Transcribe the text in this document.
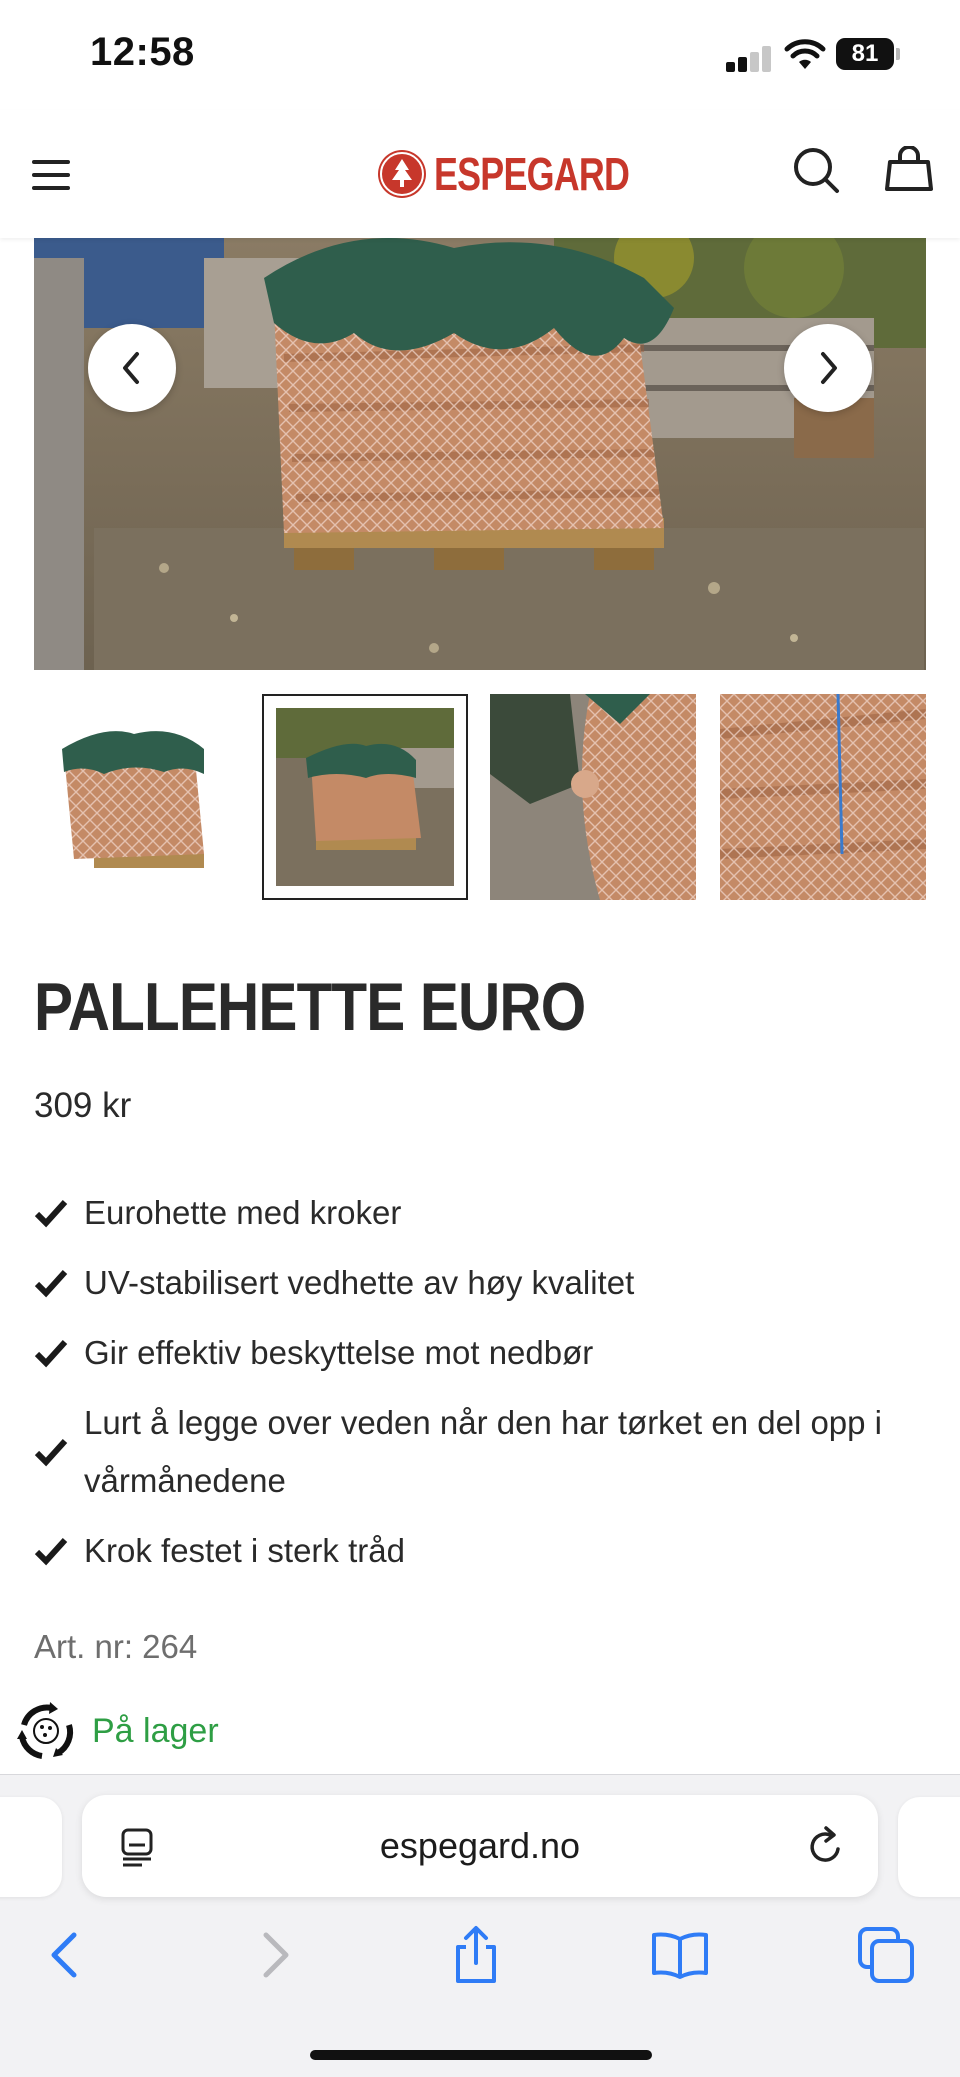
12:58	81
ESPEGARD
PALLEHETTE EURO
309 kr
Eurohette med kroker
UV-stabilisert vedhette av høy kvalitet
Gir effektiv beskyttelse mot nedbør
Lurt å legge over veden når den har tørket en del opp i vårmånedene
Krok festet i sterk tråd
Art. nr: 264
På lager
espegard.no
